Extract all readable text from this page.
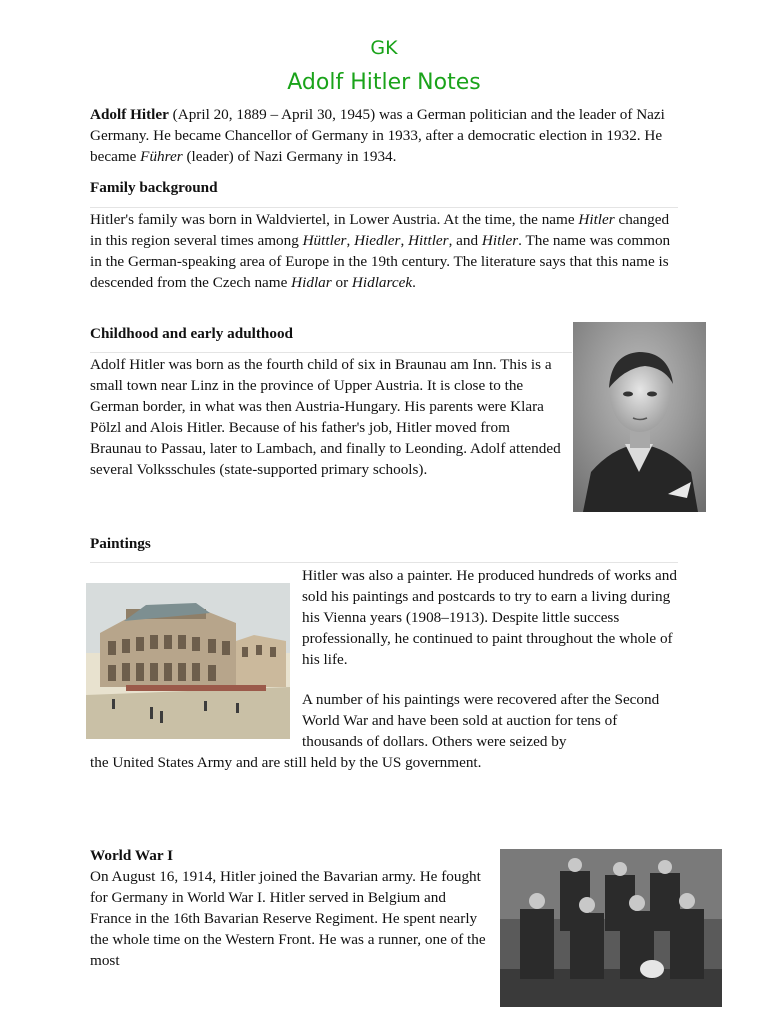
GK
Adolf Hitler Notes
Adolf Hitler (April 20, 1889 – April 30, 1945) was a German politician and the leader of Nazi Germany. He became Chancellor of Germany in 1933, after a democratic election in 1932. He became Führer (leader) of Nazi Germany in 1934.
Family background
Hitler's family was born in Waldviertel, in Lower Austria. At the time, the name Hitler changed in this region several times among Hüttler, Hiedler, Hittler, and Hitler. The name was common in the German-speaking area of Europe in the 19th century. The literature says that this name is descended from the Czech name Hidlar or Hidlarcek.
Childhood and early adulthood
Adolf Hitler was born as the fourth child of six in Braunau am Inn. This is a small town near Linz in the province of Upper Austria. It is close to the German border, in what was then Austria-Hungary. His parents were Klara Pölzl and Alois Hitler. Because of his father's job, Hitler moved from Braunau to Passau, later to Lambach, and finally to Leonding. Adolf attended several Volksschules (state-supported primary schools).
Paintings
Hitler was also a painter. He produced hundreds of works and sold his paintings and postcards to try to earn a living during his Vienna years (1908–1913). Despite little success professionally, he continued to paint throughout the whole of his life.
A number of his paintings were recovered after the Second World War and have been sold at auction for tens of thousands of dollars. Others were seized by
the United States Army and are still held by the US government.
World War I
On August 16, 1914, Hitler joined the Bavarian army. He fought for Germany in World War I. Hitler served in Belgium and France in the 16th Bavarian Reserve Regiment. He spent nearly the whole time on the Western Front. He was a runner, one of the most
